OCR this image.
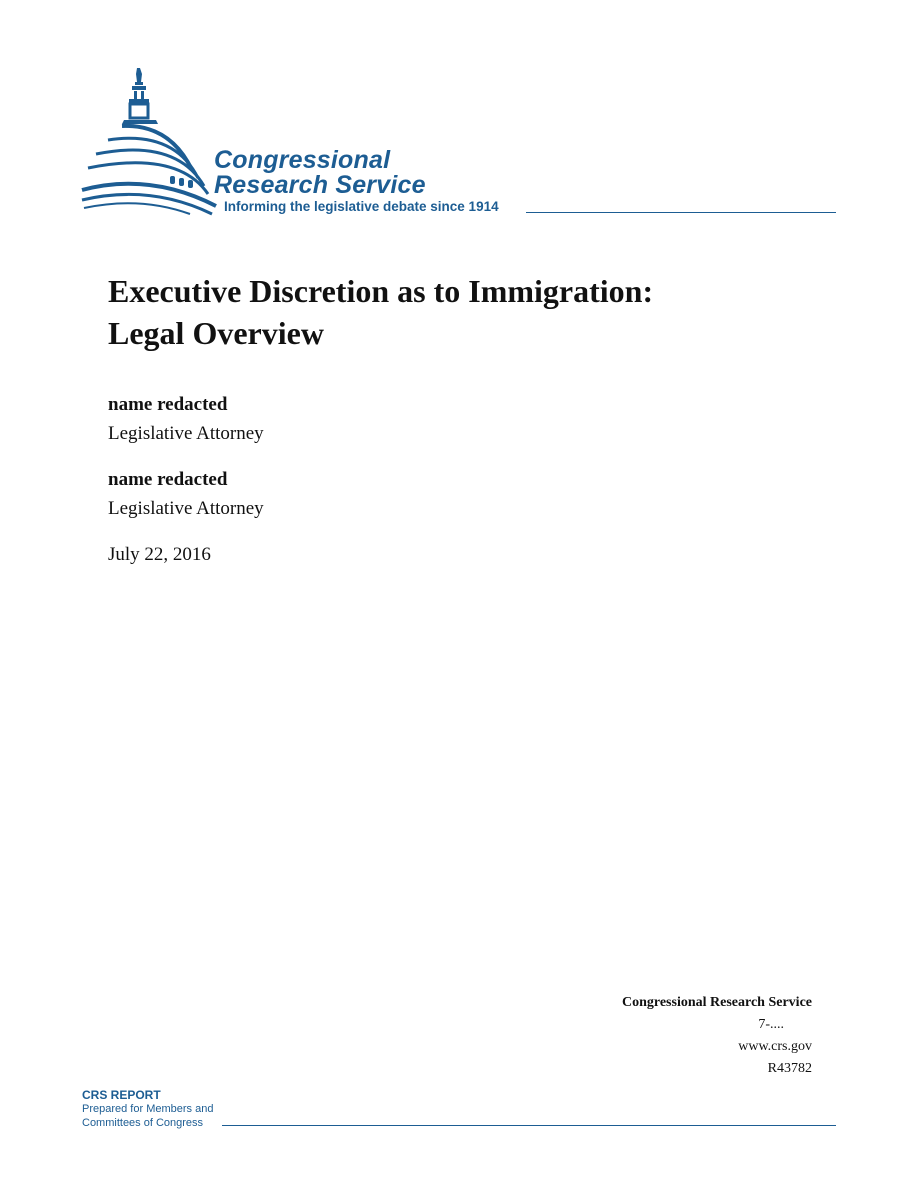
Congressional
Research Service
Informing the legislative debate since 1914
Executive Discretion as to Immigration:
Legal Overview
name redacted
Legislative Attorney
name redacted
Legislative Attorney
July 22, 2016
Congressional Research Service
7-....
www.crs.gov
R43782
CRS REPORT
Prepared for Members and
Committees of Congress
